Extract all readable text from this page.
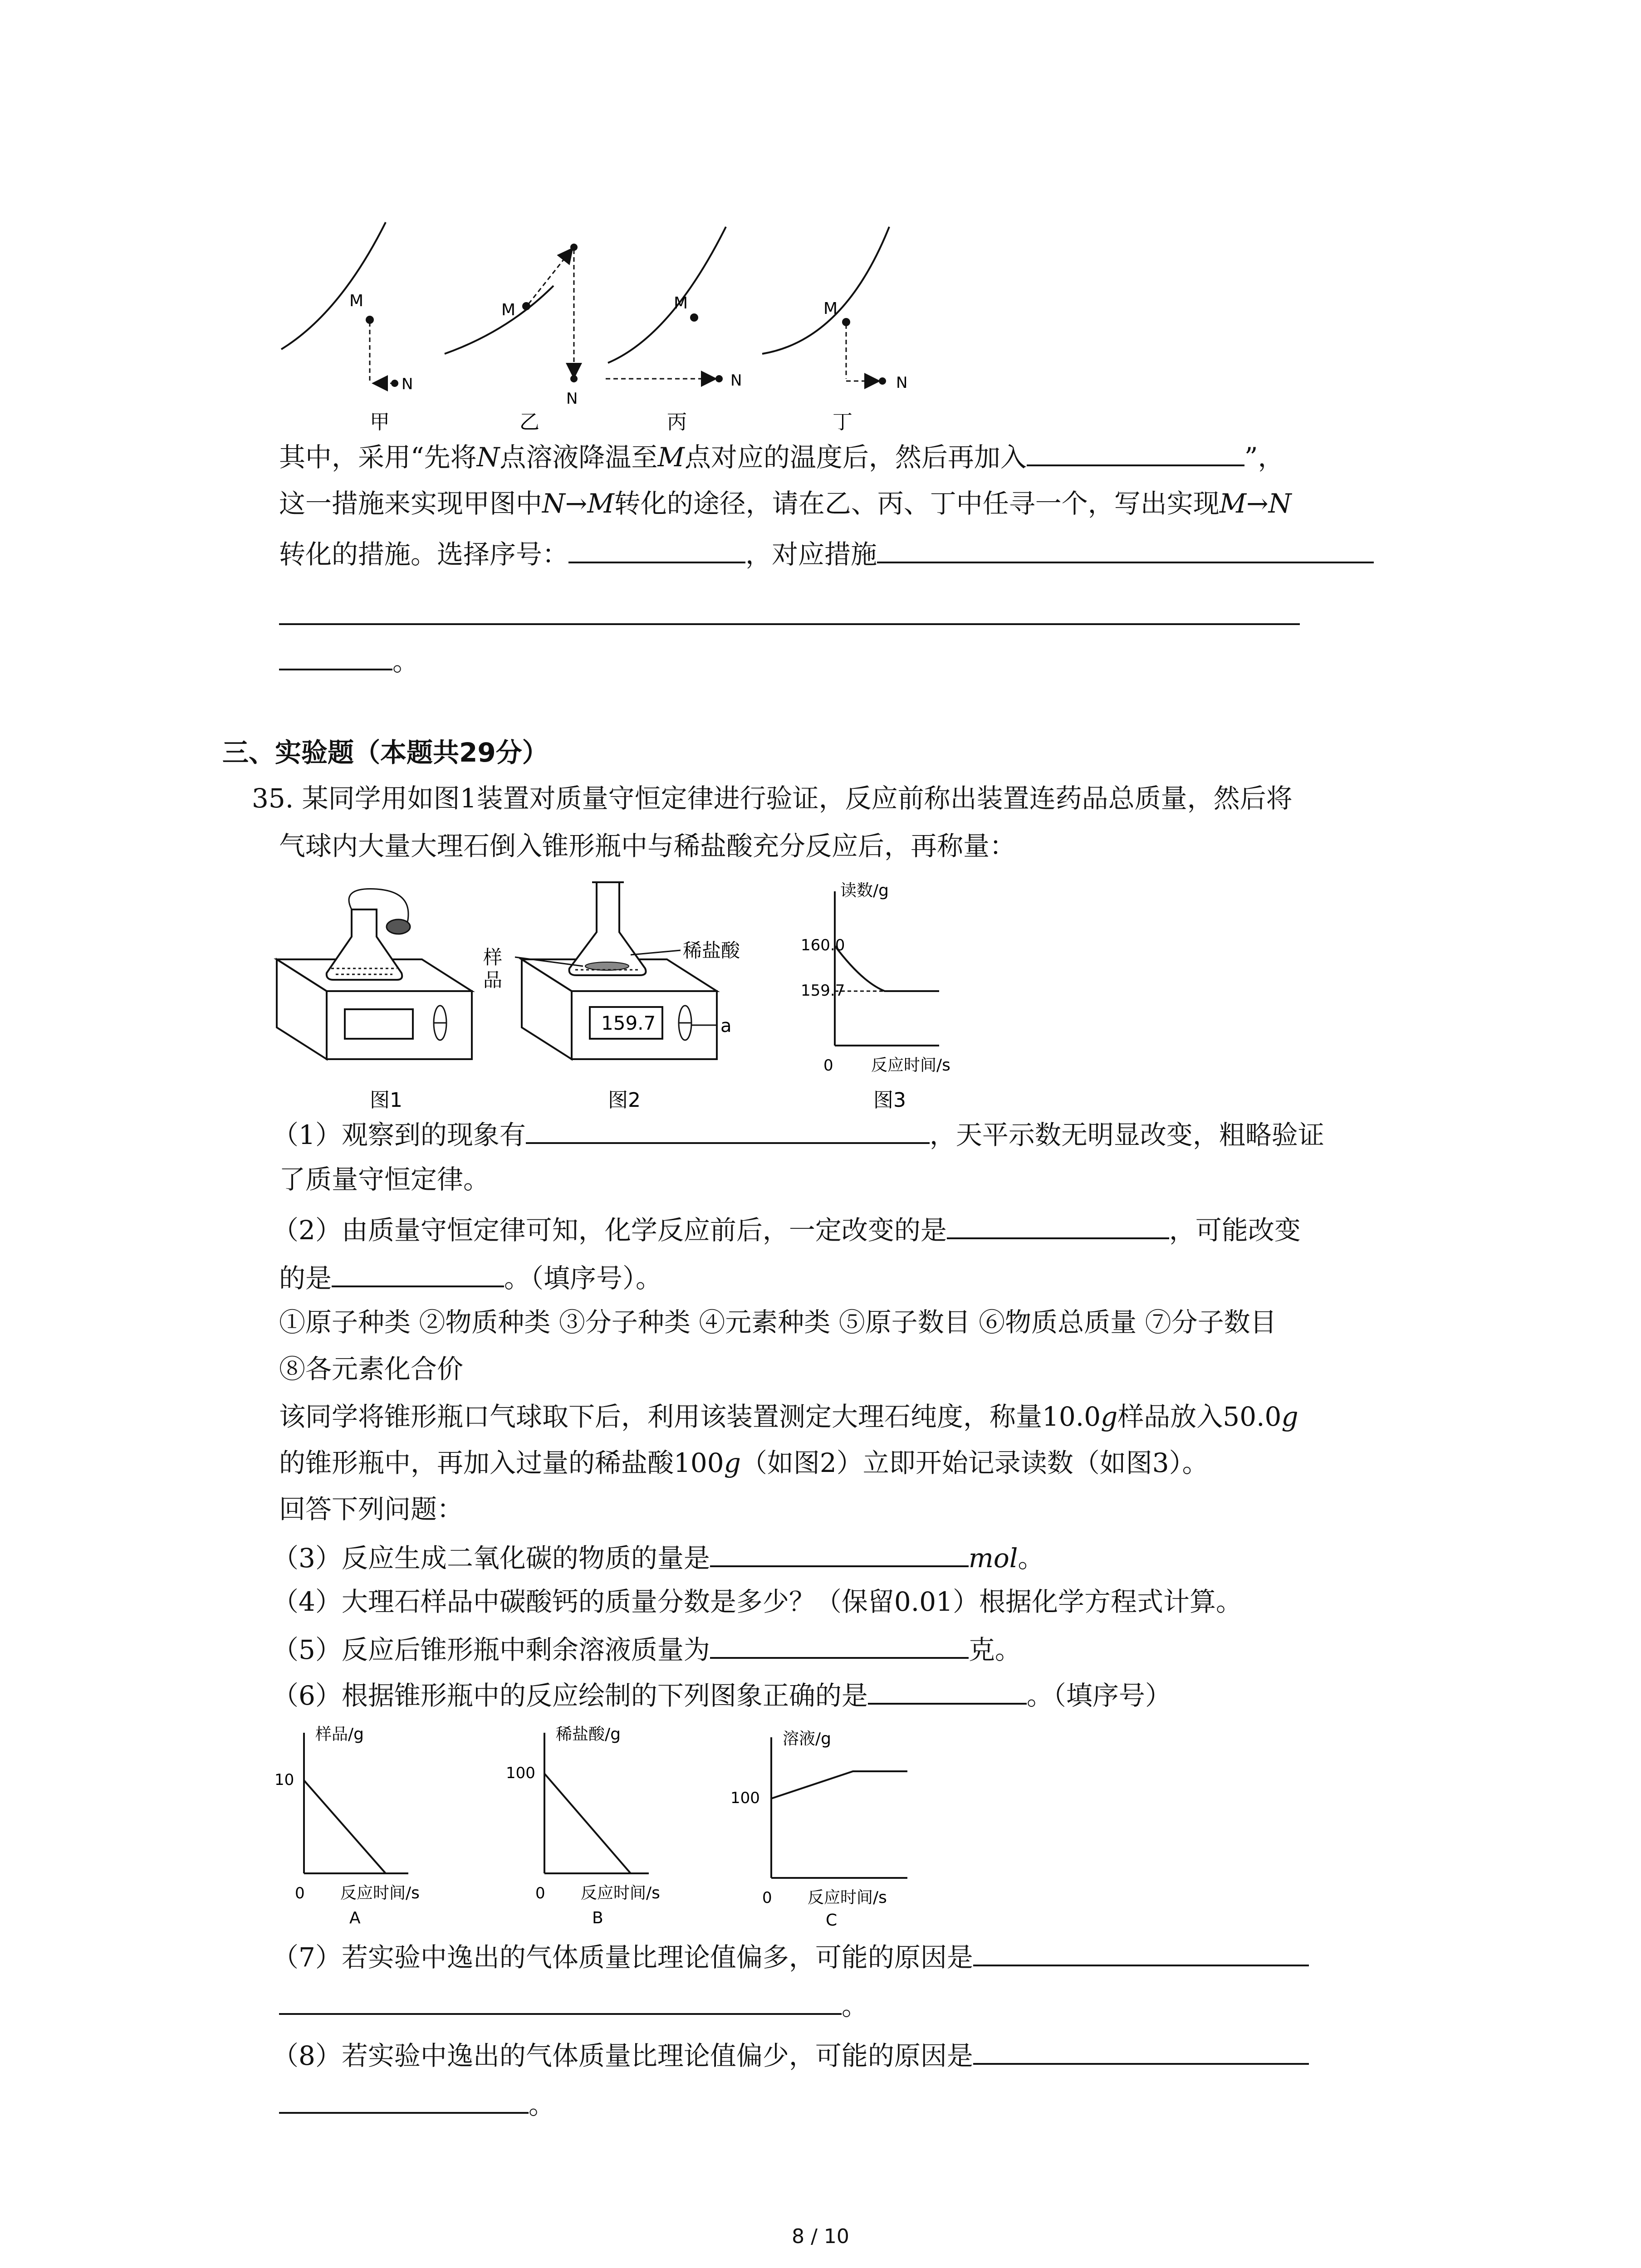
M
N
甲
M
N
乙
M
N
丙
M
N
丁
其中，采用“先将N点溶液降温至M点对应的温度后，然后再加入	”，
这一措施来实现甲图中N→M转化的途径，请在乙、丙、丁中任寻一个，写出实现M→N
转化的措施。选择序号：	，对应措施
。
三、实验题（本题共29分）
35. 某同学用如图1装置对质量守恒定律进行验证，反应前称出装置连药品总质量，然后将
气球内大量大理石倒入锥形瓶中与稀盐酸充分反应后，再称量：
图1
159.7	a
稀盐酸
样
品
图2
读数/g
160.0
159.7
0 反应时间/s
图3
（1）观察到的现象有	，天平示数无明显改变，粗略验证
了质量守恒定律。
（2）由质量守恒定律可知，化学反应前后，一定改变的是	，可能改变
的是	。（填序号）。
①原子种类 ②物质种类 ③分子种类 ④元素种类 ⑤原子数目 ⑥物质总质量 ⑦分子数目
⑧各元素化合价
该同学将锥形瓶口气球取下后，利用该装置测定大理石纯度，称量10.0g样品放入50.0g
的锥形瓶中，再加入过量的稀盐酸100g（如图2）立即开始记录读数（如图3）。
回答下列问题：
（3）反应生成二氧化碳的物质的量是	mol。
（4）大理石样品中碳酸钙的质量分数是多少？（保留0.01）根据化学方程式计算。
（5）反应后锥形瓶中剩余溶液质量为	克。
（6）根据锥形瓶中的反应绘制的下列图象正确的是	。（填序号）
样品/g
10
0 反应时间/s
A
稀盐酸/g
100
0 反应时间/s
B
溶液/g
100
0 反应时间/s
C
（7）若实验中逸出的气体质量比理论值偏多，可能的原因是
。
（8）若实验中逸出的气体质量比理论值偏少，可能的原因是
。
8 / 10
